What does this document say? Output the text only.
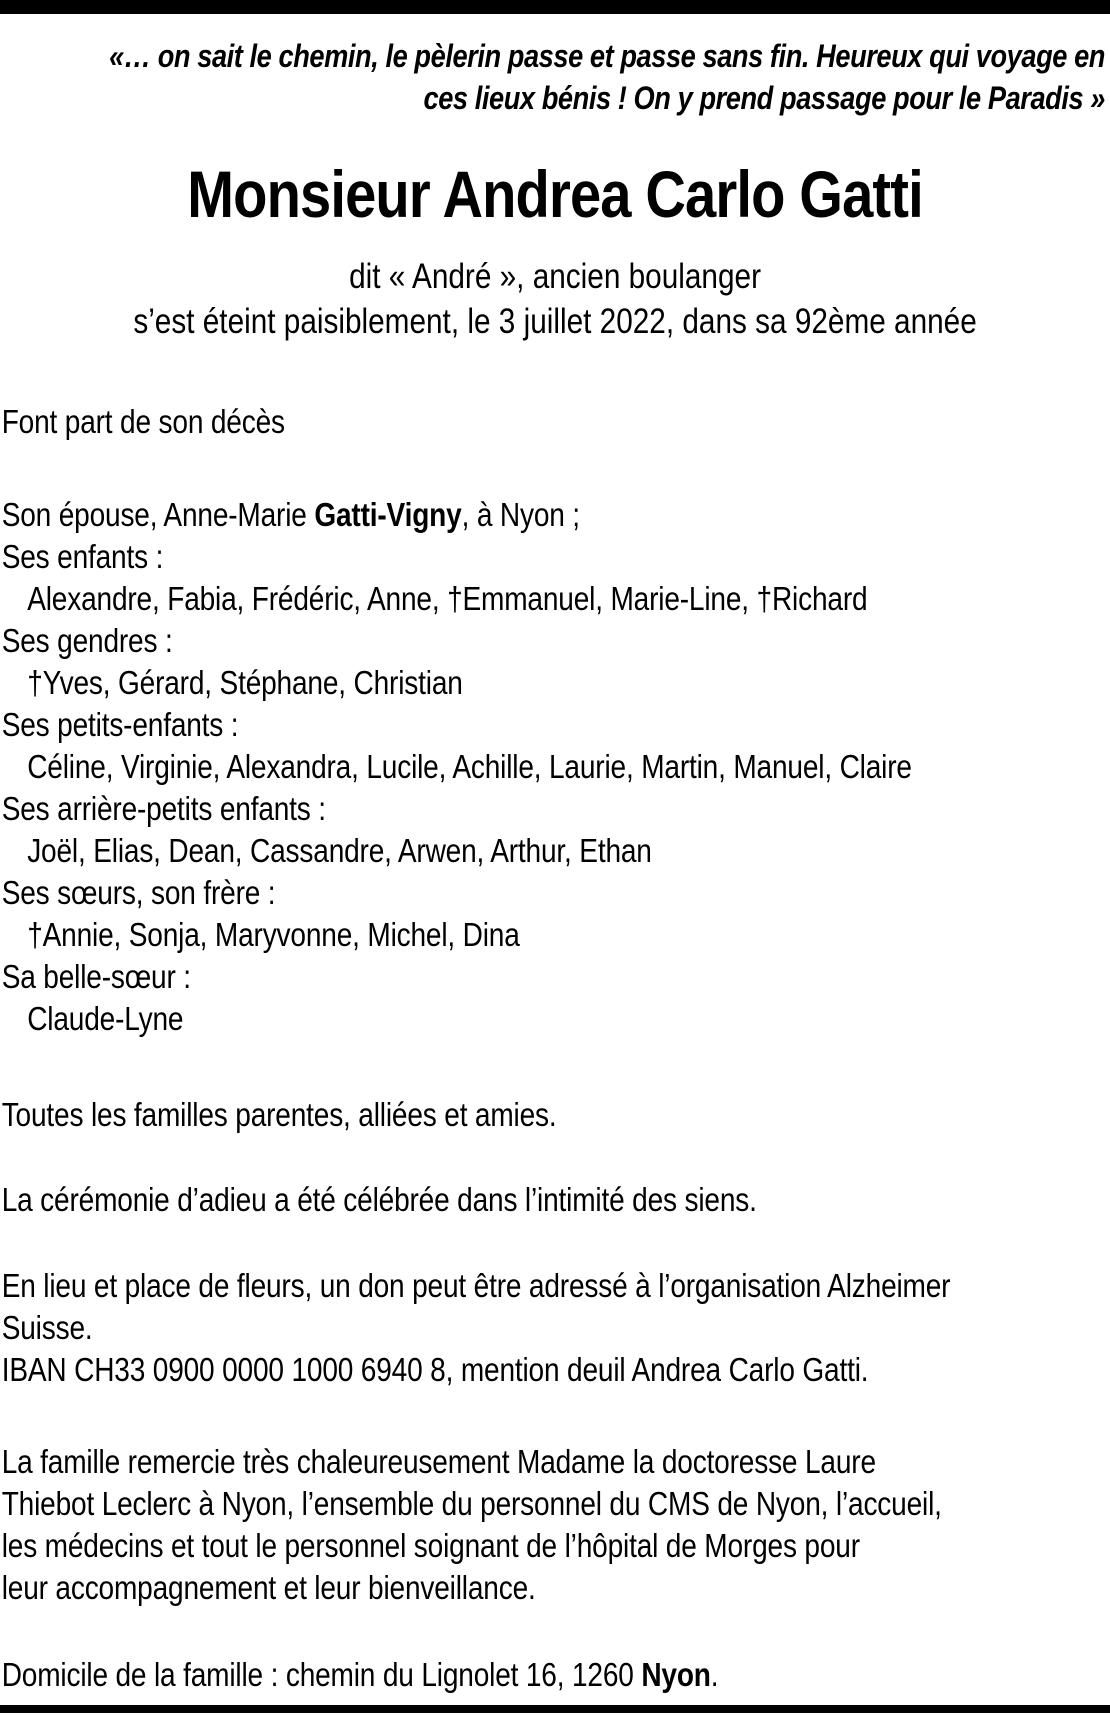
«… on sait le chemin, le pèlerin passe et passe sans fin. Heureux qui voyage en
ces lieux bénis ! On y prend passage pour le Paradis »
Monsieur Andrea Carlo Gatti
dit « André », ancien boulanger
s’est éteint paisiblement, le 3 juillet 2022, dans sa 92ème année
Font part de son décès
Son épouse, Anne-Marie Gatti-Vigny, à Nyon ;
Ses enfants :
Alexandre, Fabia, Frédéric, Anne, †Emmanuel, Marie-Line, †Richard
Ses gendres :
†Yves, Gérard, Stéphane, Christian
Ses petits-enfants :
Céline, Virginie, Alexandra, Lucile, Achille, Laurie, Martin, Manuel, Claire
Ses arrière-petits enfants :
Joël, Elias, Dean, Cassandre, Arwen, Arthur, Ethan
Ses sœurs, son frère :
†Annie, Sonja, Maryvonne, Michel, Dina
Sa belle-sœur :
Claude-Lyne
Toutes les familles parentes, alliées et amies.
La cérémonie d’adieu a été célébrée dans l’intimité des siens.
En lieu et place de fleurs, un don peut être adressé à l’organisation Alzheimer
Suisse.
IBAN CH33 0900 0000 1000 6940 8, mention deuil Andrea Carlo Gatti.
La famille remercie très chaleureusement Madame la doctoresse Laure
Thiebot Leclerc à Nyon, l’ensemble du personnel du CMS de Nyon, l’accueil,
les médecins et tout le personnel soignant de l’hôpital de Morges pour
leur accompagnement et leur bienveillance.
Domicile de la famille : chemin du Lignolet 16, 1260 Nyon.
